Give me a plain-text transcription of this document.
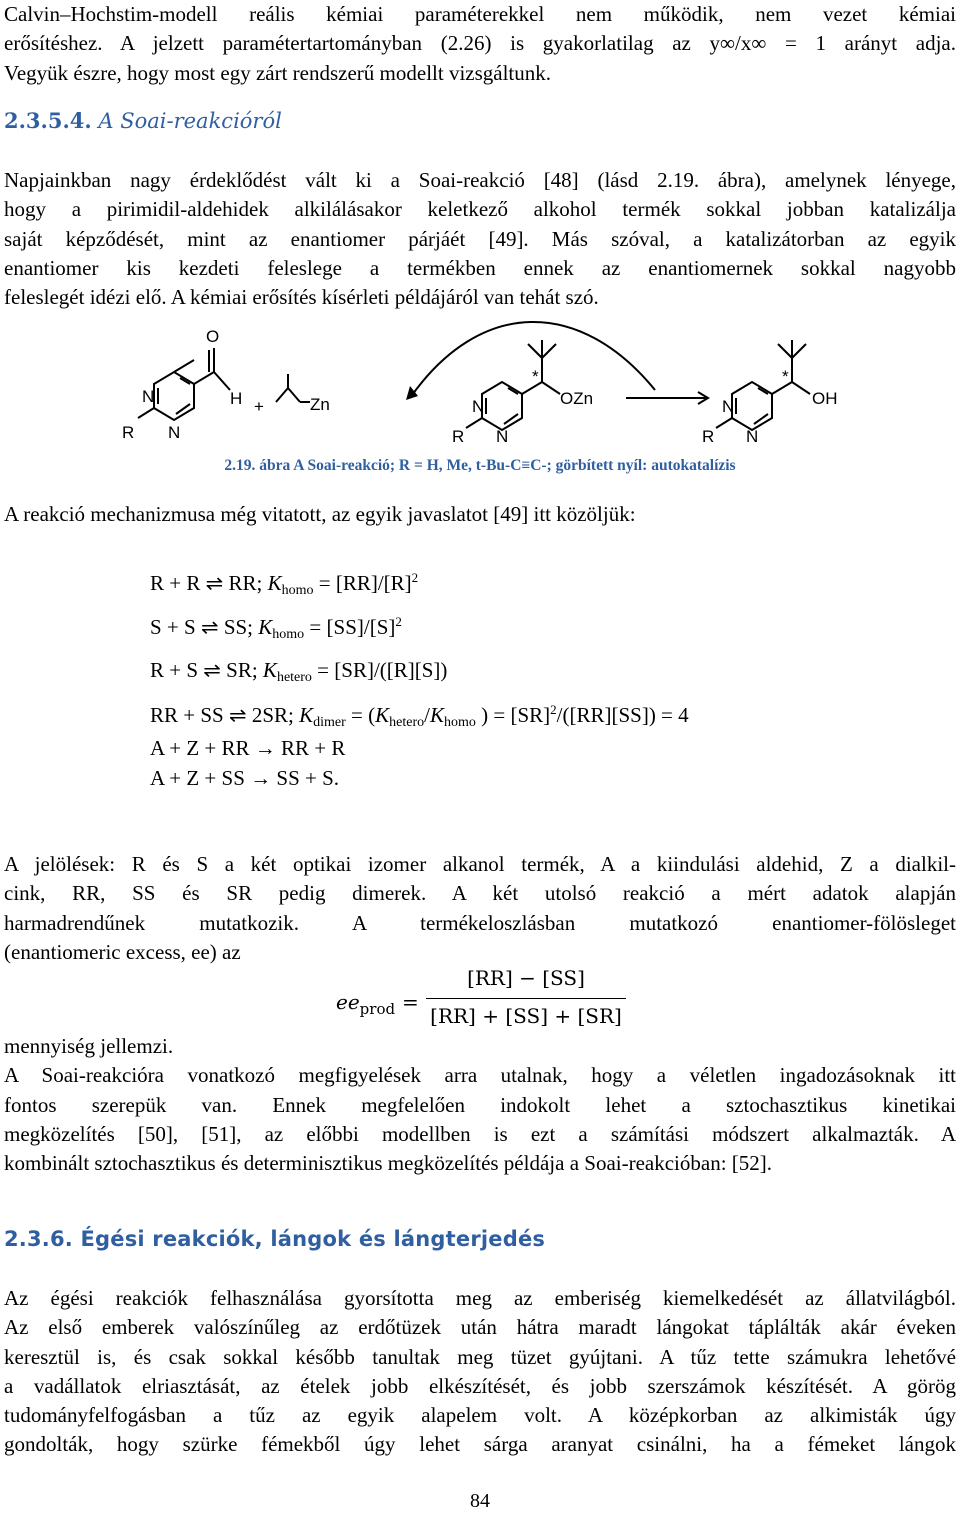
Calvin–Hochstim-modell reális kémiai paraméterekkel nem működik, nem vezet kémiai
erősítéshez. A jelzett paramétertartományban (2.26) is gyakorlatilag az y∞/x∞ = 1 arányt adja.
Vegyük észre, hogy most egy zárt rendszerű modellt vizsgáltunk.
2.3.5.4. A Soai-reakcióról
Napjainkban nagy érdeklődést vált ki a Soai-reakció [48] (lásd 2.19. ábra), amelynek lényege,
hogy a pirimidil-aldehidek alkilálásakor keletkező alkohol termék sokkal jobban katalizálja
saját képződését, mint az enantiomer párjáét [49]. Más szóval, a katalizátorban az egyik
enantiomer kis kezdeti feleslege a termékben ennek az enantiomernek sokkal nagyobb
feleslegét idézi elő. A kémiai erősítés kísérleti példájáról van tehát szó.
O
H
N
N
R
+	Zn	N
N
R
*
OZn	N
N
R
*
OH
2.19. ábra A Soai-reakció; R = H, Me, t-Bu-C≡C-; görbített nyíl: autokatalízis
A reakció mechanizmusa még vitatott, az egyik javaslatot [49] itt közöljük:
R + R ⇌ RR; $K_{homo} = [RR]/[R]^2$
S + S ⇌ SS; $K_{homo} = [SS]/[S]^2$
R + S ⇌ SR; $K_{hetero} = [SR]/([R][S])$
RR + SS ⇌ 2SR; $K_{dimer} = (K_{hetero}/K_{homo}$ ) = [SR]$^2$/([RR][SS]) = 4
A + Z + RR → RR + R
A + Z + SS → SS + S.
A jelölések: R és S a két optikai izomer alkanol termék, A a kiindulási aldehid, Z a dialkil-
cink, RR, SS és SR pedig dimerek. A két utolsó reakció a mért adatok alapján
harmadrendűnek mutatkozik. A termékeloszlásban mutatkozó enantiomer-fölösleget
(enantiomeric excess, ee) az
$ee_{prod}$ =
[RR] − [SS]
[RR] + [SS] + [SR]
mennyiség jellemzi.
A Soai-reakcióra vonatkozó megfigyelések arra utalnak, hogy a véletlen ingadozásoknak itt
fontos szerepük van. Ennek megfelelően indokolt lehet a sztochasztikus kinetikai
megközelítés [50], [51], az előbbi modellben is ezt a számítási módszert alkalmazták. A
kombinált sztochasztikus és determinisztikus megközelítés példája a Soai-reakcióban: [52].
2.3.6. Égési reakciók, lángok és lángterjedés
Az égési reakciók felhasználása gyorsította meg az emberiség kiemelkedését az állatvilágból.
Az első emberek valószínűleg az erdőtüzek után hátra maradt lángokat táplálták akár éveken
keresztül is, és csak sokkal később tanultak meg tüzet gyújtani. A tűz tette számukra lehetővé
a vadállatok elriasztását, az ételek jobb elkészítését, és jobb szerszámok készítését. A görög
tudományfelfogásban a tűz az egyik alapelem volt. A középkorban az alkimisták úgy
gondolták, hogy szürke fémekből úgy lehet sárga aranyat csinálni, ha a fémeket lángok
84
